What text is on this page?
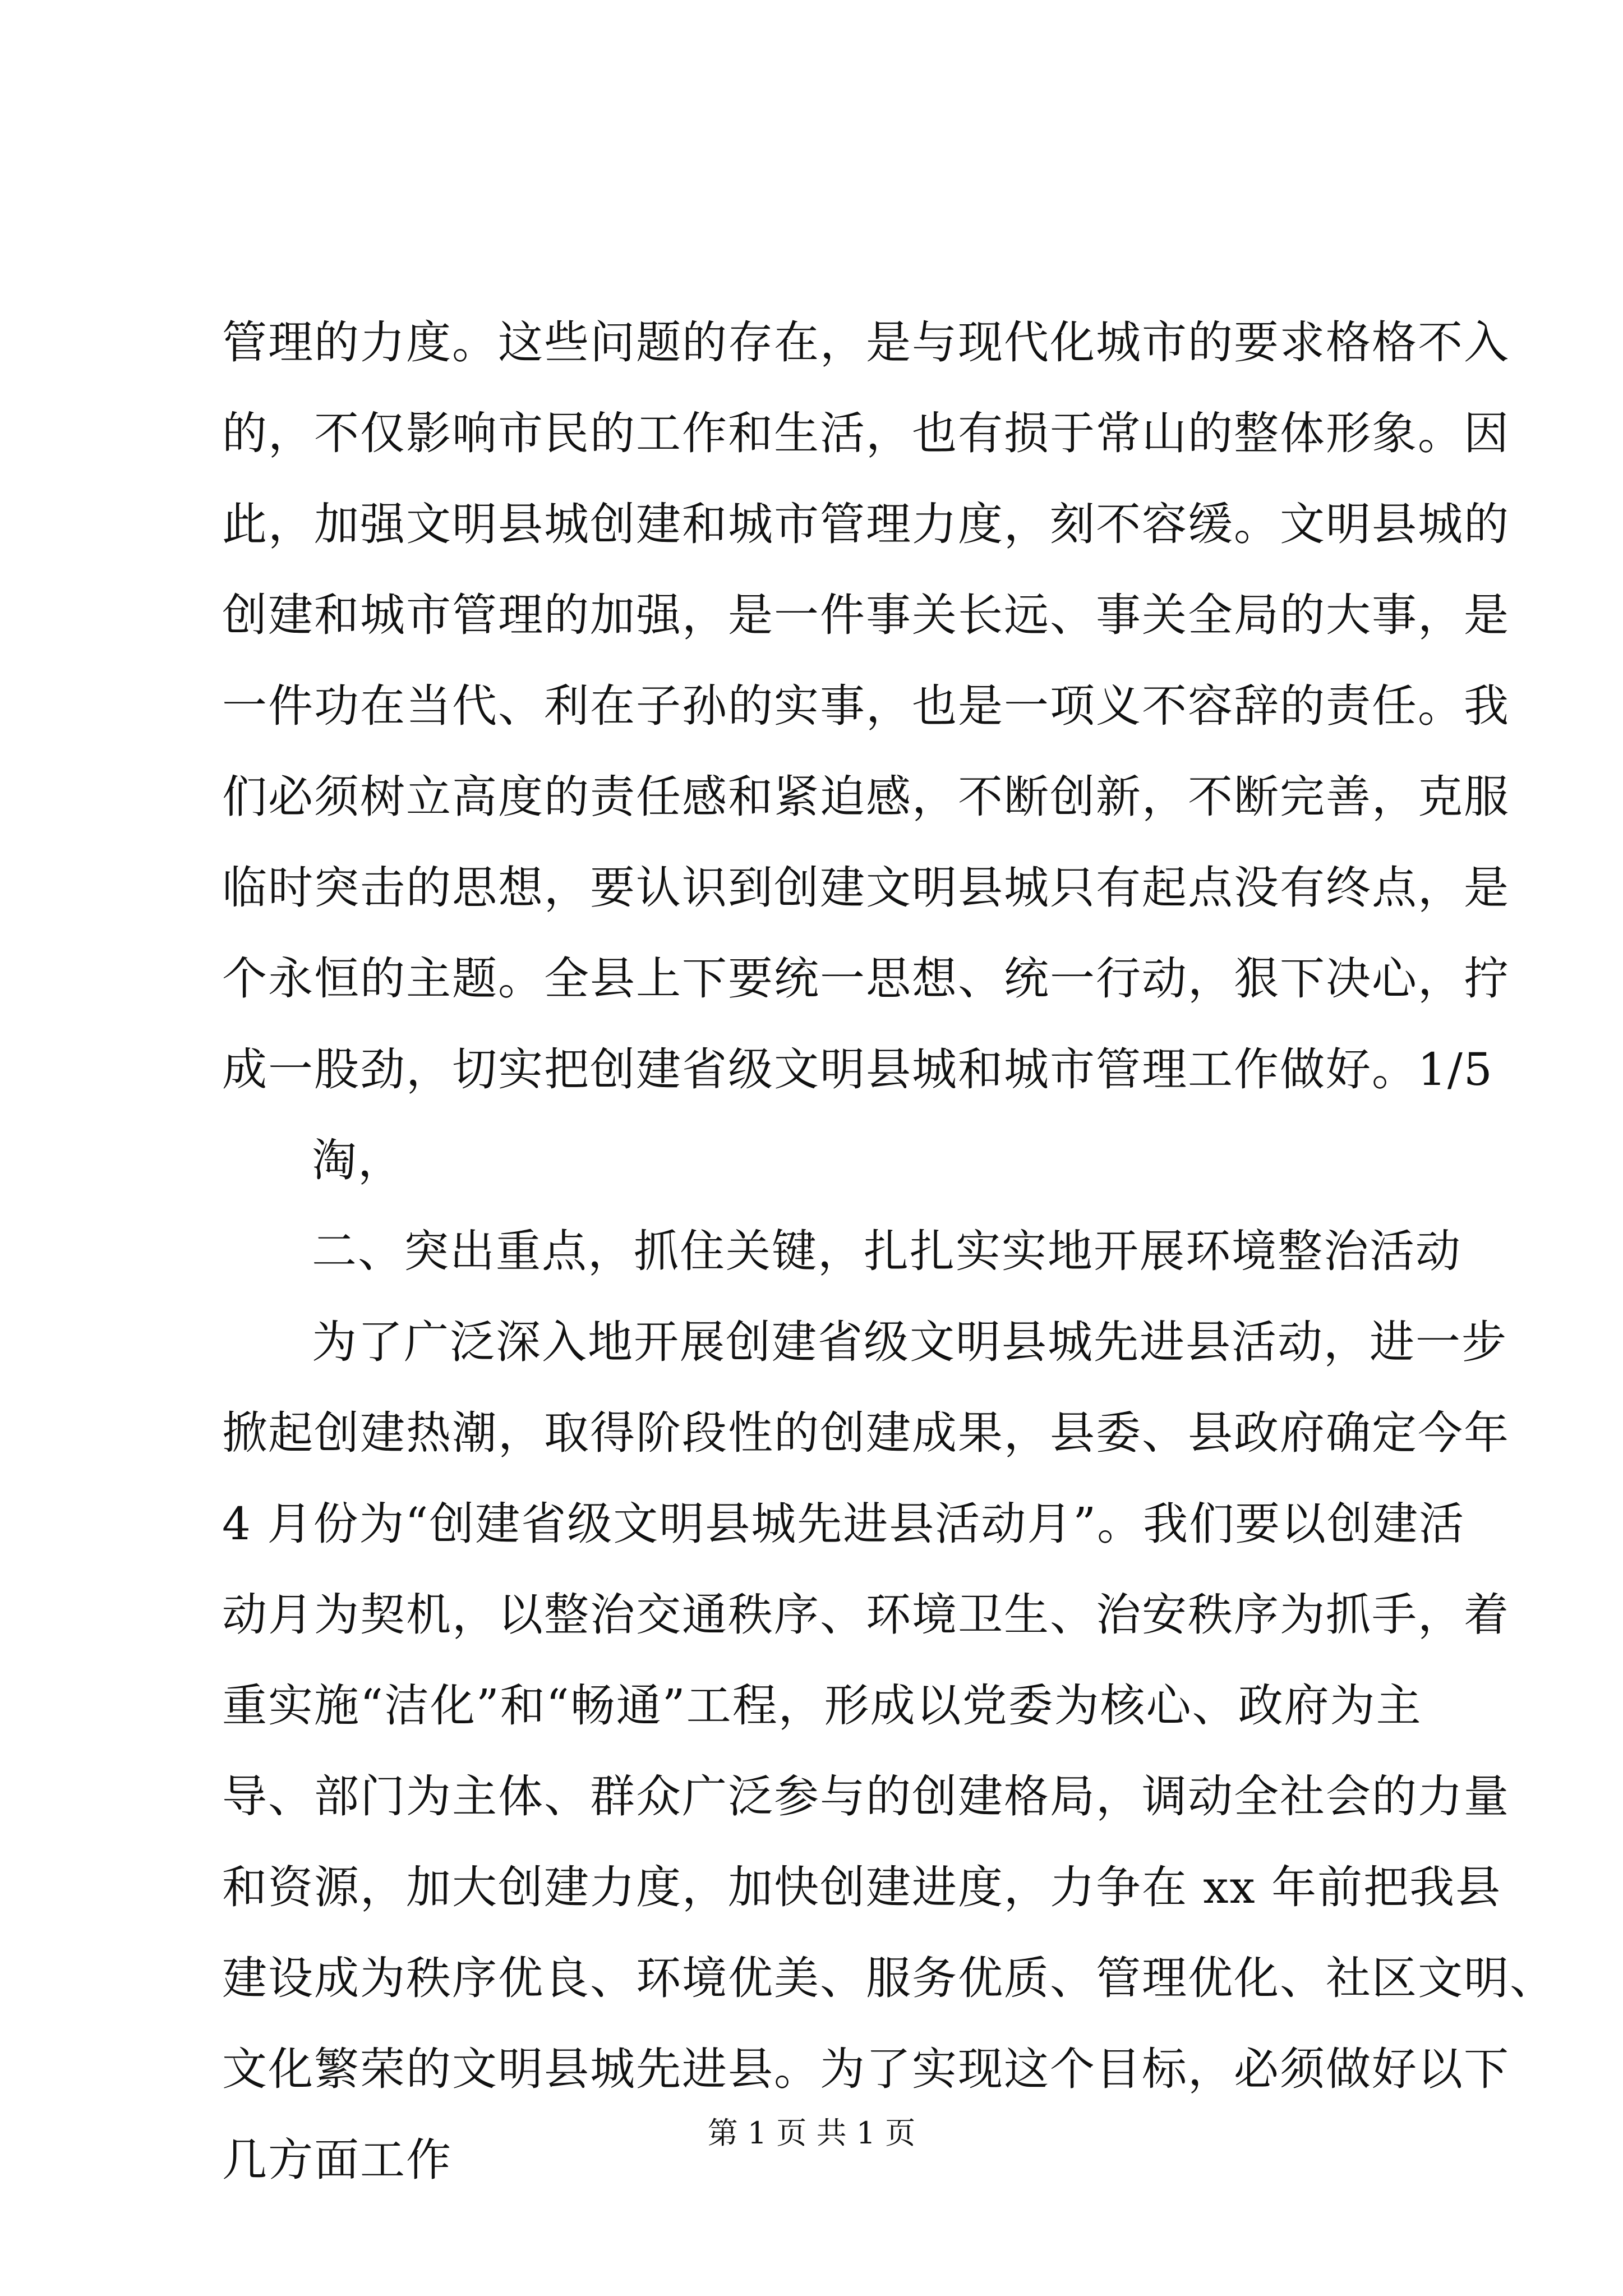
管理的力度。这些问题的存在，是与现代化城市的要求格格不入
的，不仅影响市民的工作和生活，也有损于常山的整体形象。因
此，加强文明县城创建和城市管理力度，刻不容缓。文明县城的
创建和城市管理的加强，是一件事关长远、事关全局的大事，是
一件功在当代、利在子孙的实事，也是一项义不容辞的责任。我
们必须树立高度的责任感和紧迫感，不断创新，不断完善，克服
临时突击的思想，要认识到创建文明县城只有起点没有终点，是
个永恒的主题。全县上下要统一思想、统一行动，狠下决心，拧
成一股劲，切实把创建省级文明县城和城市管理工作做好。1/5
淘，
二、突出重点，抓住关键，扎扎实实地开展环境整治活动
为了广泛深入地开展创建省级文明县城先进县活动，进一步
掀起创建热潮，取得阶段性的创建成果，县委、县政府确定今年
4 月份为“创建省级文明县城先进县活动月”。我们要以创建活
动月为契机，以整治交通秩序、环境卫生、治安秩序为抓手，着
重实施“洁化”和“畅通”工程，形成以党委为核心、政府为主
导、部门为主体、群众广泛参与的创建格局，调动全社会的力量
和资源，加大创建力度，加快创建进度，力争在 xx 年前把我县
建设成为秩序优良、环境优美、服务优质、管理优化、社区文明、
文化繁荣的文明县城先进县。为了实现这个目标，必须做好以下
几方面工作
第 1 页 共 1 页
